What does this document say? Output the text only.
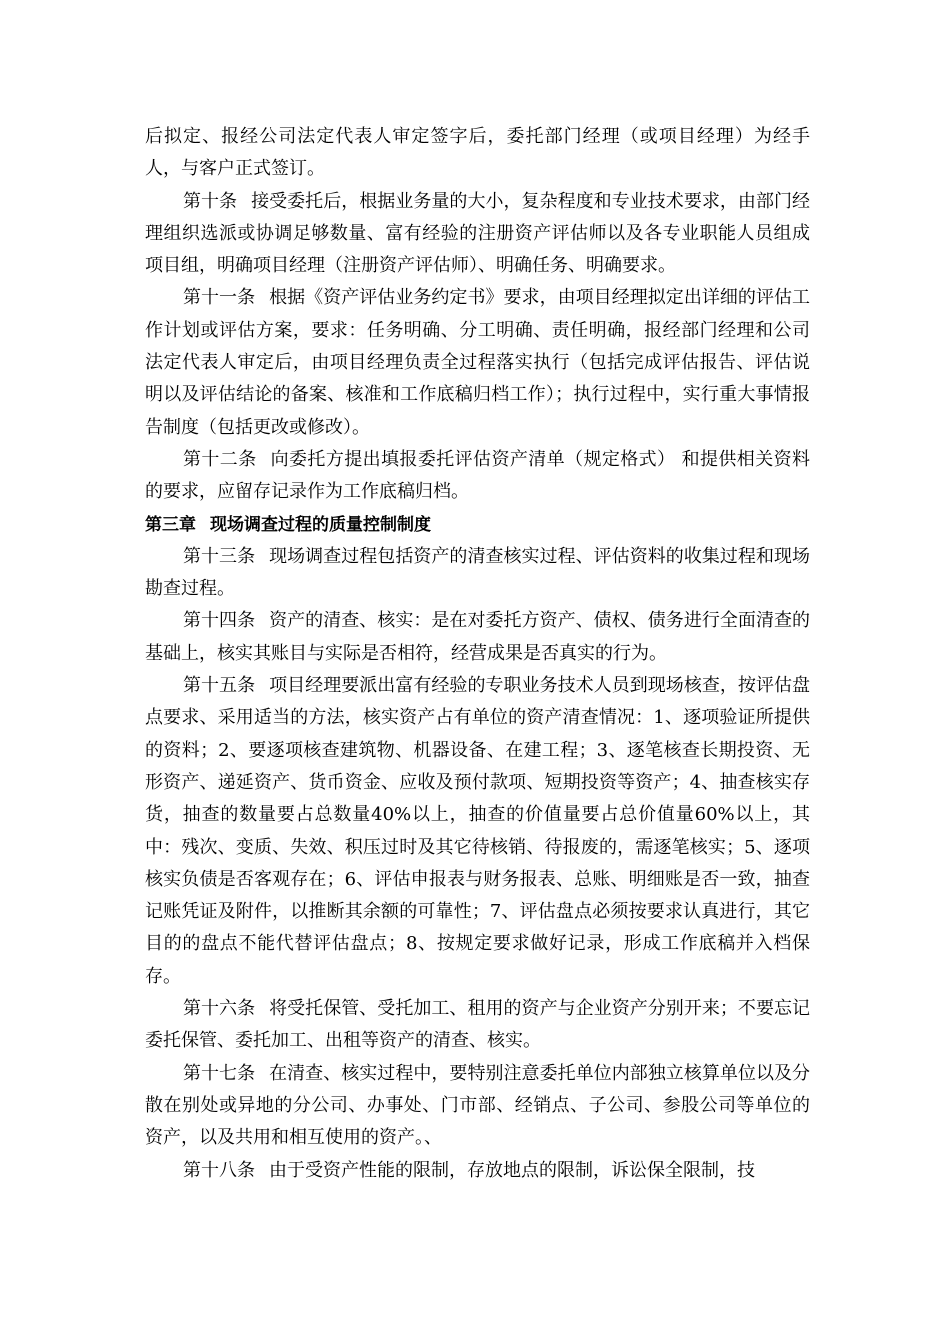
后拟定、报经公司法定代表人审定签字后，委托部门经理（或项目经理）为经手人，与客户正式签订。

第十条 接受委托后，根据业务量的大小，复杂程度和专业技术要求，由部门经理组织选派或协调足够数量、富有经验的注册资产评估师以及各专业职能人员组成项目组，明确项目经理（注册资产评估师）、明确任务、明确要求。

第十一条 根据《资产评估业务约定书》要求，由项目经理拟定出详细的评估工作计划或评估方案，要求：任务明确、分工明确、责任明确，报经部门经理和公司法定代表人审定后，由项目经理负责全过程落实执行（包括完成评估报告、评估说明以及评估结论的备案、核准和工作底稿归档工作）；执行过程中，实行重大事情报告制度（包括更改或修改）。

第十二条 向委托方提出填报委托评估资产清单（规定格式） 和提供相关资料的要求，应留存记录作为工作底稿归档。

第三章 现场调查过程的质量控制制度

第十三条 现场调查过程包括资产的清查核实过程、评估资料的收集过程和现场勘查过程。

第十四条 资产的清查、核实：是在对委托方资产、债权、债务进行全面清查的基础上，核实其账目与实际是否相符，经营成果是否真实的行为。

第十五条 项目经理要派出富有经验的专职业务技术人员到现场核查，按评估盘点要求、采用适当的方法，核实资产占有单位的资产清查情况：1、逐项验证所提供的资料；2、要逐项核查建筑物、机器设备、在建工程；3、逐笔核查长期投资、无形资产、递延资产、货币资金、应收及预付款项、短期投资等资产；4、抽查核实存货，抽查的数量要占总数量40%以上，抽查的价值量要占总价值量60%以上，其中：残次、变质、失效、积压过时及其它待核销、待报废的，需逐笔核实；5、逐项核实负债是否客观存在；6、评估申报表与财务报表、总账、明细账是否一致，抽查记账凭证及附件，以推断其余额的可靠性；7、评估盘点必须按要求认真进行，其它目的的盘点不能代替评估盘点；8、按规定要求做好记录，形成工作底稿并入档保存。

第十六条 将受托保管、受托加工、租用的资产与企业资产分别开来；不要忘记委托保管、委托加工、出租等资产的清查、核实。

第十七条 在清查、核实过程中，要特别注意委托单位内部独立核算单位以及分散在别处或异地的分公司、办事处、门市部、经销点、子公司、参股公司等单位的资产，以及共用和相互使用的资产。、

第十八条 由于受资产性能的限制，存放地点的限制，诉讼保全限制，技
